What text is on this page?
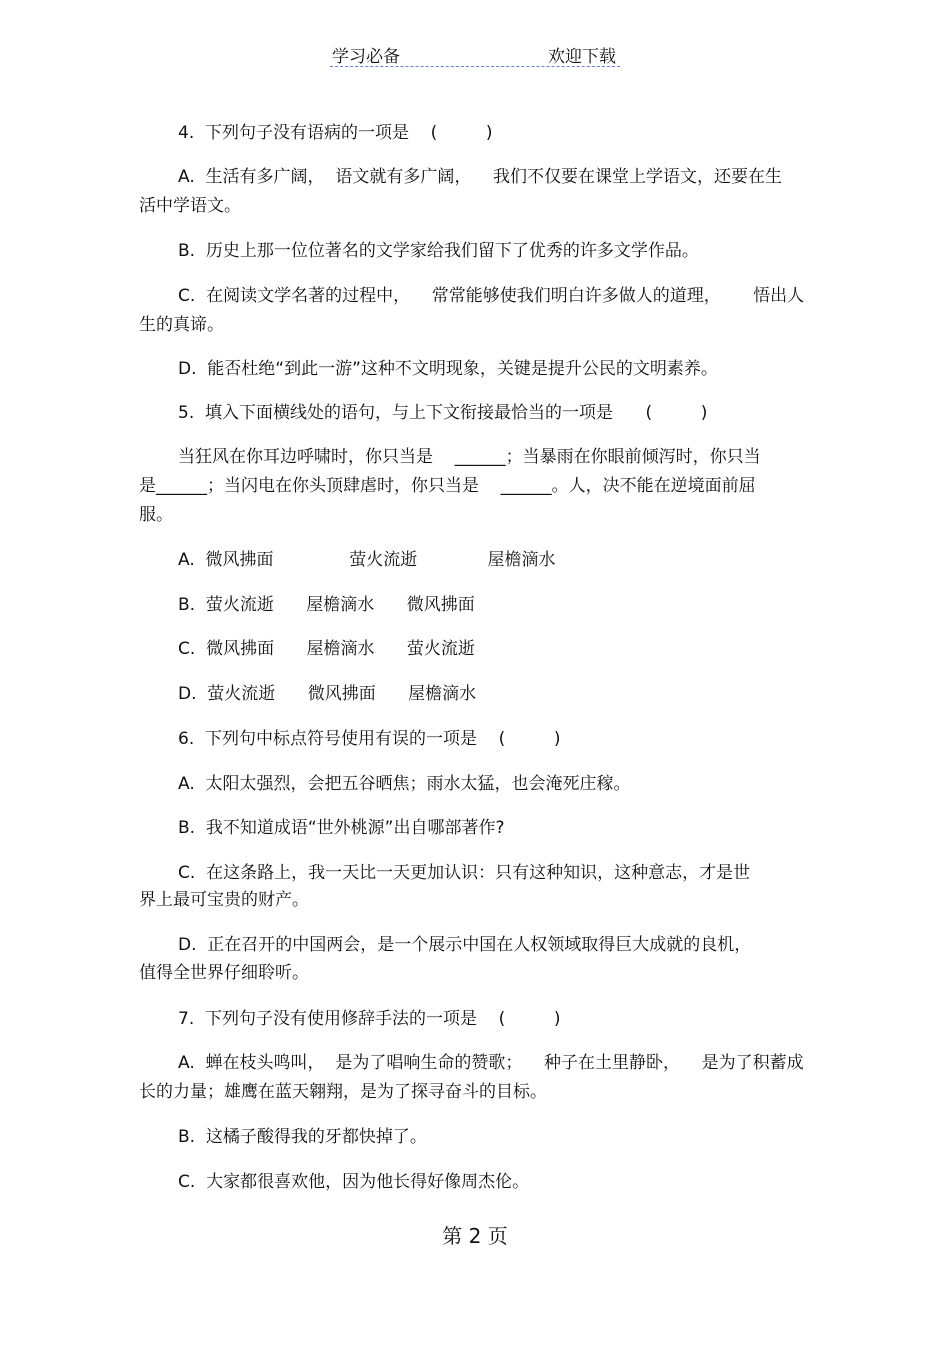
学习必备	欢迎下载
4.  下列句子没有语病的一项是    (         )
A.  生活有多广阔，  语文就有多广阔，    我们不仅要在课堂上学语文，还要在生
活中学语文。
B.  历史上那一位位著名的文学家给我们留下了优秀的许多文学作品。
C.  在阅读文学名著的过程中，    常常能够使我们明白许多做人的道理，      悟出人
生的真谛。
D.  能否杜绝“到此一游”这种不文明现象，关键是提升公民的文明素养。
5.  填入下面横线处的语句，与上下文衔接最恰当的一项是      (         )
当狂风在你耳边呼啸时，你只当是    ______；当暴雨在你眼前倾泻时，你只当
是______；当闪电在你头顶肆虐时，你只当是    ______。人，决不能在逆境面前屈
服。
A.  微风拂面              萤火流逝             屋檐滴水
B.  萤火流逝      屋檐滴水      微风拂面
C.  微风拂面      屋檐滴水      萤火流逝
D.  萤火流逝      微风拂面      屋檐滴水
6.  下列句中标点符号使用有误的一项是    (         )
A.  太阳太强烈，会把五谷晒焦；雨水太猛，也会淹死庄稼。
B.  我不知道成语“世外桃源”出自哪部著作?
C.  在这条路上，我一天比一天更加认识：只有这种知识，这种意志，才是世
界上最可宝贵的财产。
D.  正在召开的中国两会，是一个展示中国在人权领域取得巨大成就的良机，
值得全世界仔细聆听。
7.  下列句子没有使用修辞手法的一项是    (         )
A.  蝉在枝头鸣叫，  是为了唱响生命的赞歌；    种子在土里静卧，    是为了积蓄成
长的力量；雄鹰在蓝天翱翔，是为了探寻奋斗的目标。
B.  这橘子酸得我的牙都快掉了。
C.  大家都很喜欢他，因为他长得好像周杰伦。
第 2 页
